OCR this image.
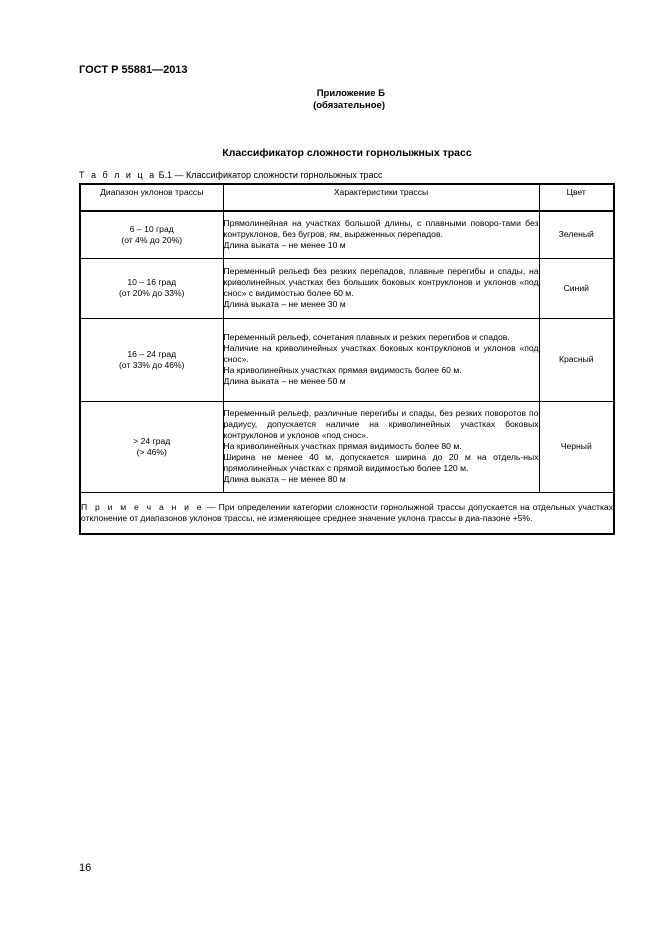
ГОСТ Р 55881—2013
Приложение Б
(обязательное)
Классификатор сложности горнолыжных трасс
Т а б л и ц а Б.1 — Классификатор сложности горнолыжных трасс
Диапазон уклонов трассы	Характеристики трассы	Цвет

6 – 10 град
(от 4% до 20%)	Прямолинейная на участках большой длины, с плавными поворо-тами без контруклонов, без бугров, ям, выраженных перепадов.
Длина выката – не менее 10 м	Зеленый

10 – 16 град
(от 20% до 33%)	Переменный рельеф без резких перепадов, плавные перегибы и спады, на криволинейных участках без больших боковых контруклонов и уклонов «под снос» с видимостью более 60 м.
Длина выката – не менее 30 м	Синий

16 – 24 град
(от 33% до 46%)	Переменный рельеф, сочетания плавных и резких перегибов и спадов.
Наличие на криволинейных участках боковых контруклонов и уклонов «под снос».
На криволинейных участках прямая видимость более 60 м.
Длина выката – не менее 50 м	Красный

> 24 град
(> 46%)	Переменный рельеф, различные перегибы и спады, без резких поворотов по радиусу, допускается наличие на криволинейных участках боковых контруклонов и уклонов «под снос».
На криволинейных участках прямая видимость более 80 м.
Ширина не менее 40 м, допускается ширина до 20 м на отдель-ных прямолинейных участках с прямой видимостью более 120 м.
Длина выката – не менее 80 м	Черный
П р и м е ч а н и е — При определении категории сложности горнолыжной трассы допускается на отдельных участках отклонение от диапазонов уклонов трассы, не изменяющее среднее значение уклона трассы в диа-пазоне +5%.		
16
